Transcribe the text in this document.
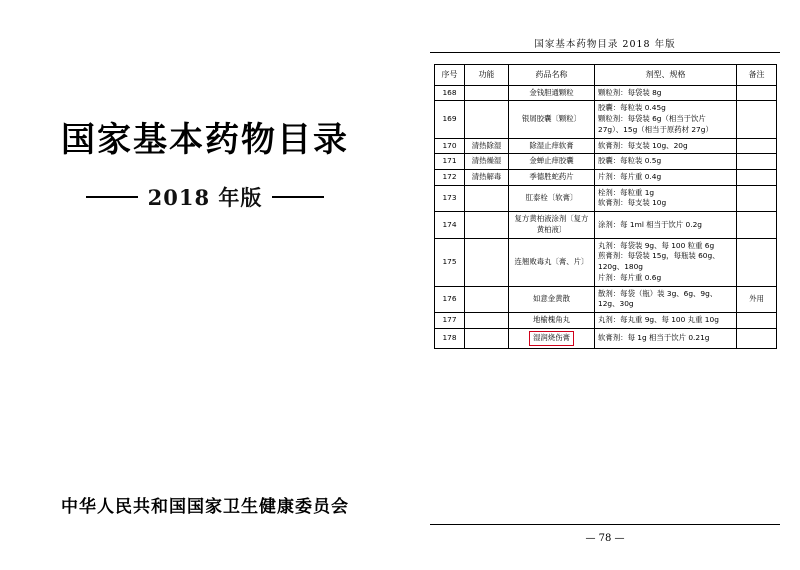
国家基本药物目录
2018 年版
中华人民共和国国家卫生健康委员会
国家基本药物目录 2018 年版
序号	功能	药品名称	剂型、规格	备注
168		金钱胆通颗粒	颗粒剂：每袋装 8g	
169		银屑胶囊〔颗粒〕	胶囊：每粒装 0.45g
颗粒剂：每袋装 6g（相当于饮片 27g）、15g（相当于原药材 27g）	
170	清热除湿	除湿止痒软膏	软膏剂：每支装 10g、20g	
171	清热燥湿	金蝉止痒胶囊	胶囊：每粒装 0.5g	
172	清热解毒	季德胜蛇药片	片剂：每片重 0.4g	
173		肛泰栓〔软膏〕	栓剂：每粒重 1g
软膏剂：每支装 10g	
174		复方黄柏液涂剂〔复方黄柏液〕	涂剂：每 1ml 相当于饮片 0.2g	
175		连翘败毒丸〔膏、片〕	丸剂：每袋装 9g、每 100 粒重 6g
煎膏剂：每袋装 15g，每瓶装 60g、120g、180g
片剂：每片重 0.6g	
176		如意金黄散	散剂：每袋（瓶）装 3g、6g、9g、12g、30g	外用
177		地榆槐角丸	丸剂：每丸重 9g、每 100 丸重 10g	
178		湿润烧伤膏	软膏剂：每 1g 相当于饮片 0.21g	
— 78 —
